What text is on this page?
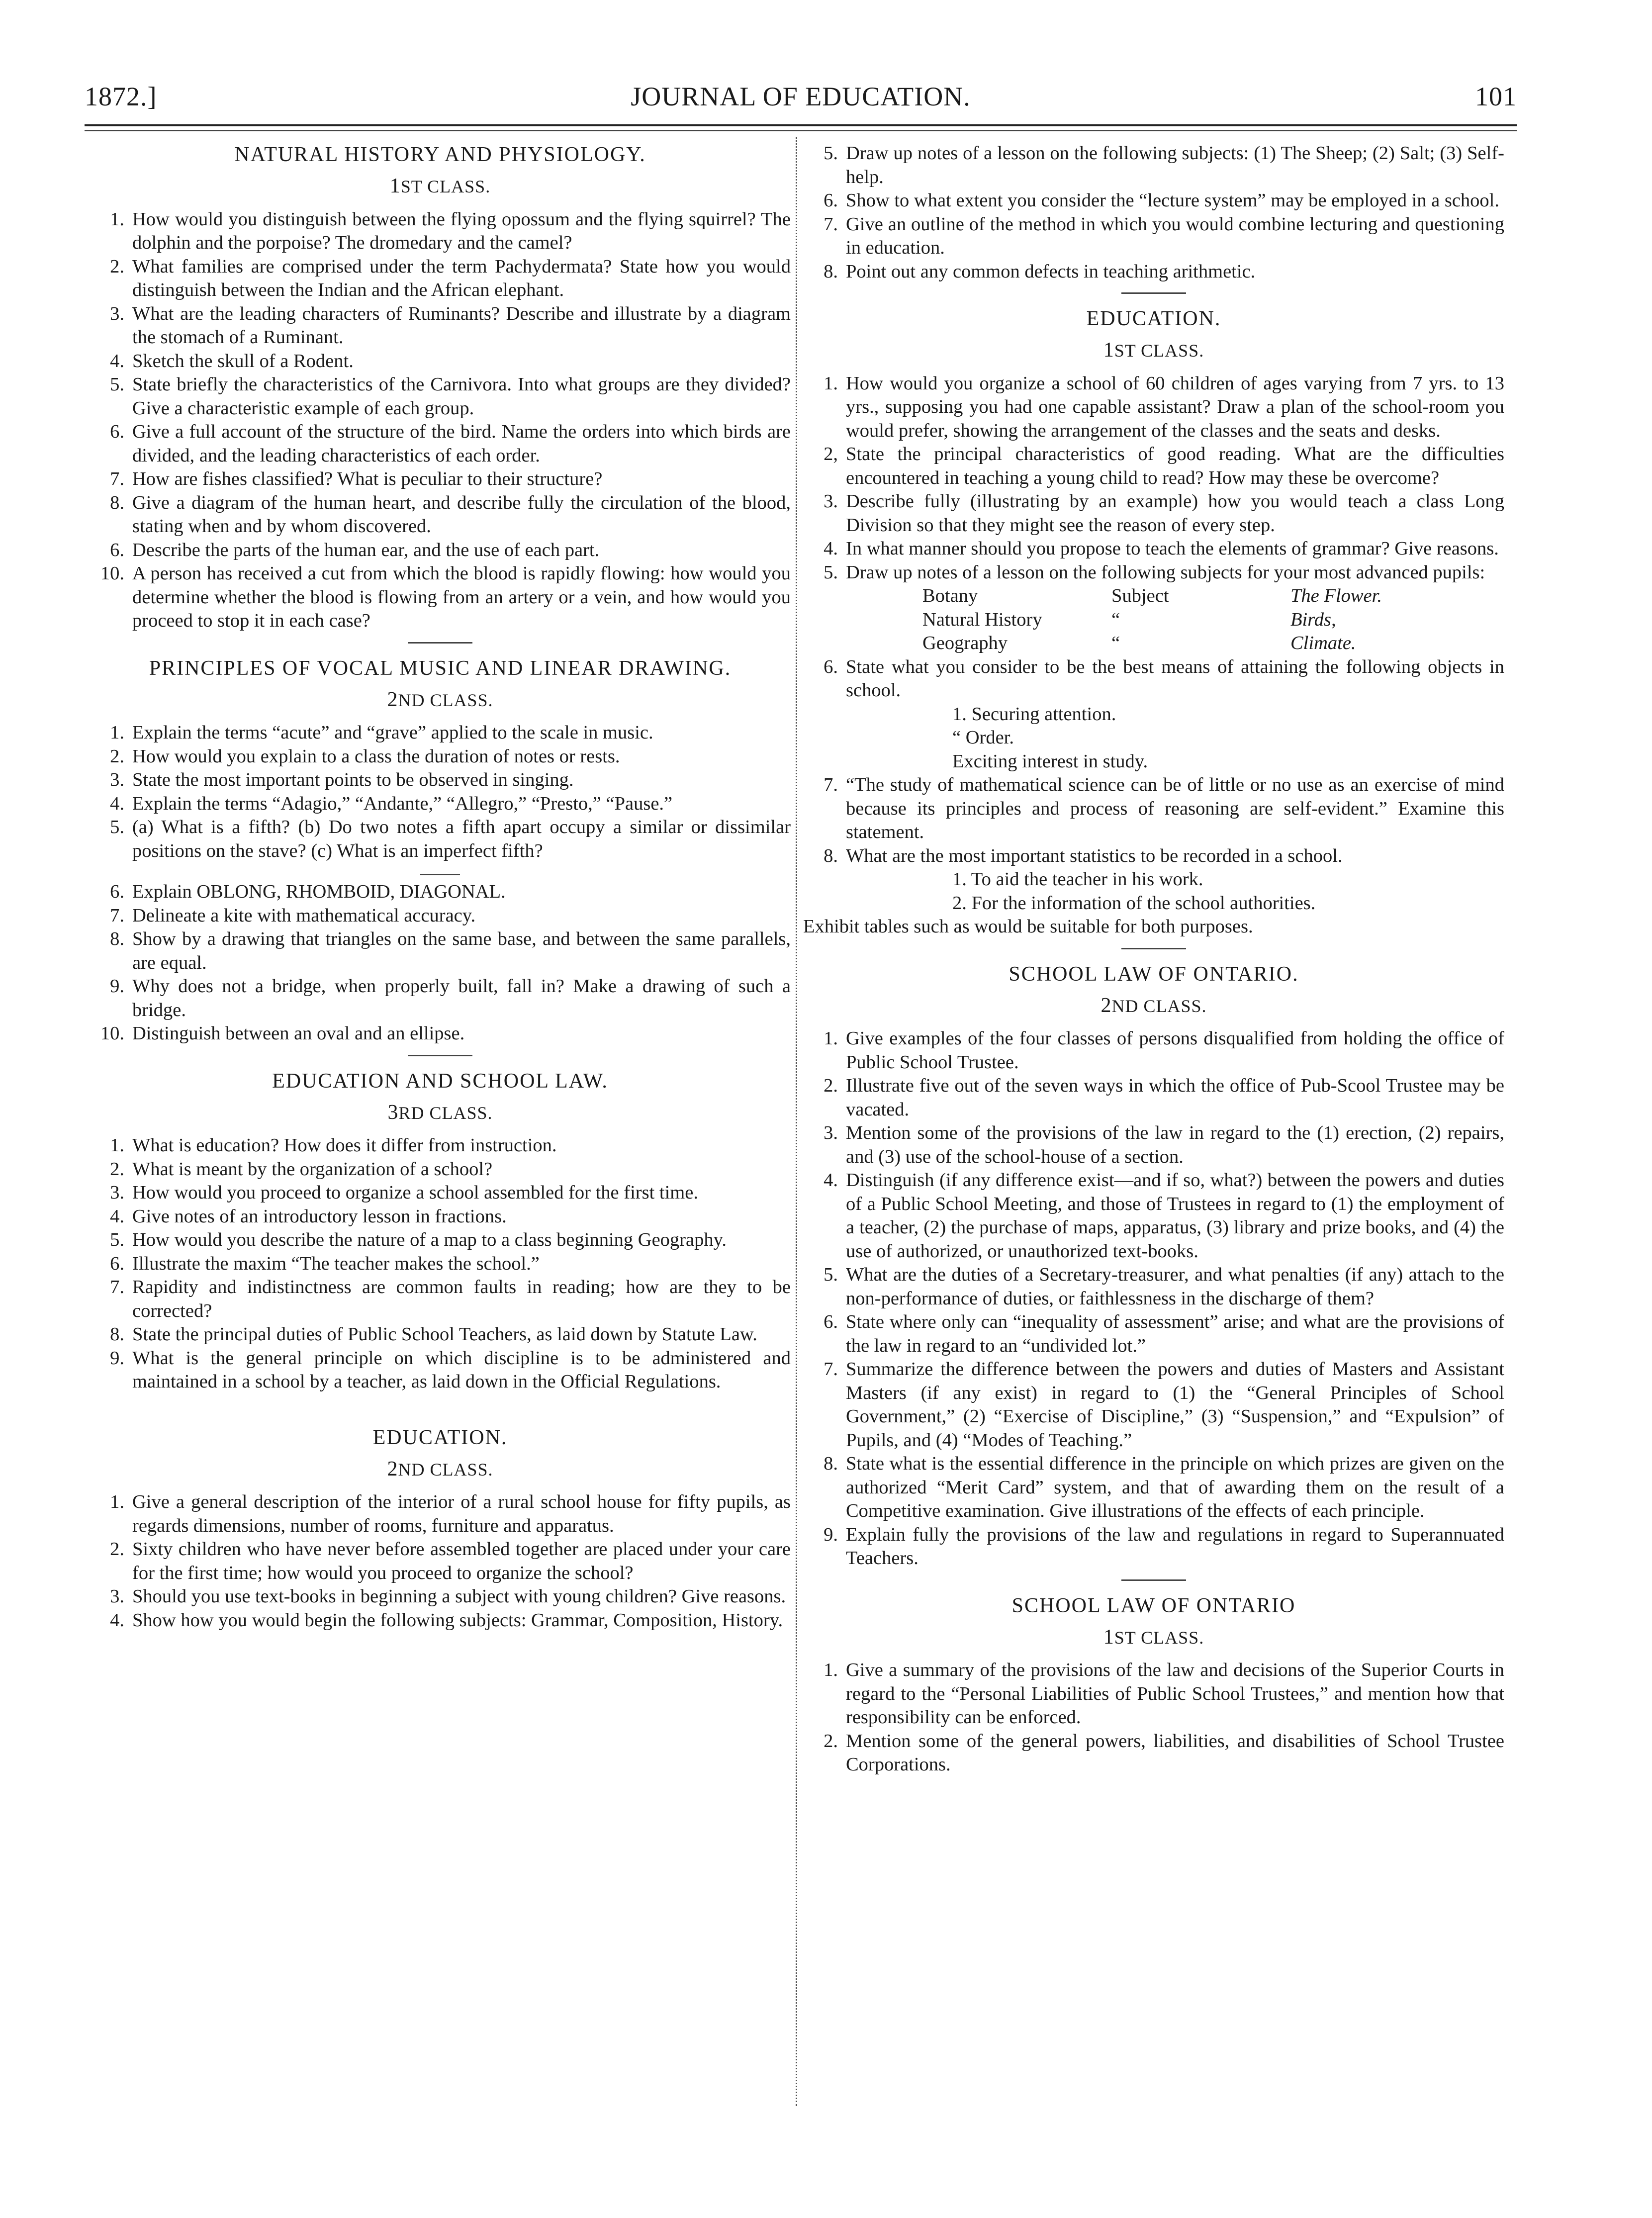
1872.]	JOURNAL OF EDUCATION.	101
NATURAL HISTORY AND PHYSIOLOGY.
1ST CLASS.
1. How would you distinguish between the flying opossum and the flying squirrel? The dolphin and the porpoise? The dromedary and the camel?
2. What families are comprised under the term Pachydermata? State how you would distinguish between the Indian and the African elephant.
3. What are the leading characters of Ruminants? Describe and illustrate by a diagram the stomach of a Ruminant.
4. Sketch the skull of a Rodent.
5. State briefly the characteristics of the Carnivora. Into what groups are they divided? Give a characteristic example of each group.
6. Give a full account of the structure of the bird. Name the orders into which birds are divided, and the leading characteristics of each order.
7. How are fishes classified? What is peculiar to their structure?
8. Give a diagram of the human heart, and describe fully the circulation of the blood, stating when and by whom discovered.
6. Describe the parts of the human ear, and the use of each part.
10. A person has received a cut from which the blood is rapidly flowing: how would you determine whether the blood is flowing from an artery or a vein, and how would you proceed to stop it in each case?
PRINCIPLES OF VOCAL MUSIC AND LINEAR DRAWING.
2ND CLASS.
1. Explain the terms “acute” and “grave” applied to the scale in music.
2. How would you explain to a class the duration of notes or rests.
3. State the most important points to be observed in singing.
4. Explain the terms “Adagio,” “Andante,” “Allegro,” “Presto,” “Pause.”
5. (a) What is a fifth? (b) Do two notes a fifth apart occupy a similar or dissimilar positions on the stave? (c) What is an imperfect fifth?
6. Explain OBLONG, RHOMBOID, DIAGONAL.
7. Delineate a kite with mathematical accuracy.
8. Show by a drawing that triangles on the same base, and between the same parallels, are equal.
9. Why does not a bridge, when properly built, fall in? Make a drawing of such a bridge.
10. Distinguish between an oval and an ellipse.
EDUCATION AND SCHOOL LAW.
3RD CLASS.
1. What is education? How does it differ from instruction.
2. What is meant by the organization of a school?
3. How would you proceed to organize a school assembled for the first time.
4. Give notes of an introductory lesson in fractions.
5. How would you describe the nature of a map to a class beginning Geography.
6. Illustrate the maxim “The teacher makes the school.”
7. Rapidity and indistinctness are common faults in reading; how are they to be corrected?
8. State the principal duties of Public School Teachers, as laid down by Statute Law.
9. What is the general principle on which discipline is to be administered and maintained in a school by a teacher, as laid down in the Official Regulations.
EDUCATION.
2ND CLASS.
1. Give a general description of the interior of a rural school house for fifty pupils, as regards dimensions, number of rooms, furniture and apparatus.
2. Sixty children who have never before assembled together are placed under your care for the first time; how would you proceed to organize the school?
3. Should you use text-books in beginning a subject with young children? Give reasons.
4. Show how you would begin the following subjects: Grammar, Composition, History.
5. Draw up notes of a lesson on the following subjects: (1) The Sheep; (2) Salt; (3) Self-help.
6. Show to what extent you consider the “lecture system” may be employed in a school.
7. Give an outline of the method in which you would combine lecturing and questioning in education.
8. Point out any common defects in teaching arithmetic.
EDUCATION.
1ST CLASS.
1. How would you organize a school of 60 children of ages varying from 7 yrs. to 13 yrs., supposing you had one capable assistant? Draw a plan of the school-room you would prefer, showing the arrangement of the classes and the seats and desks.
2, State the principal characteristics of good reading. What are the difficulties encountered in teaching a young child to read? How may these be overcome?
3. Describe fully (illustrating by an example) how you would teach a class Long Division so that they might see the reason of every step.
4. In what manner should you propose to teach the elements of grammar? Give reasons.
5. Draw up notes of a lesson on the following subjects for your most advanced pupils:
Botany	Subject	The Flower.
Natural History	“	Birds,
Geography	“	Climate.
6. State what you consider to be the best means of attaining the following objects in school.
1. Securing attention.
“ Order.
Exciting interest in study.
7. “The study of mathematical science can be of little or no use as an exercise of mind because its principles and process of reasoning are self-evident.” Examine this statement.
8. What are the most important statistics to be recorded in a school.
1. To aid the teacher in his work.
2. For the information of the school authorities.
Exhibit tables such as would be suitable for both purposes.
SCHOOL LAW OF ONTARIO.
2ND CLASS.
1. Give examples of the four classes of persons disqualified from holding the office of Public School Trustee.
2. Illustrate five out of the seven ways in which the office of Pub-Scool Trustee may be vacated.
3. Mention some of the provisions of the law in regard to the (1) erection, (2) repairs, and (3) use of the school-house of a section.
4. Distinguish (if any difference exist—and if so, what?) between the powers and duties of a Public School Meeting, and those of Trustees in regard to (1) the employment of a teacher, (2) the purchase of maps, apparatus, (3) library and prize books, and (4) the use of authorized, or unauthorized text-books.
5. What are the duties of a Secretary-treasurer, and what penalties (if any) attach to the non-performance of duties, or faithlessness in the discharge of them?
6. State where only can “inequality of assessment” arise; and what are the provisions of the law in regard to an “undivided lot.”
7. Summarize the difference between the powers and duties of Masters and Assistant Masters (if any exist) in regard to (1) the “General Principles of School Government,” (2) “Exercise of Discipline,” (3) “Suspension,” and “Expulsion” of Pupils, and (4) “Modes of Teaching.”
8. State what is the essential difference in the principle on which prizes are given on the authorized “Merit Card” system, and that of awarding them on the result of a Competitive examination. Give illustrations of the effects of each principle.
9. Explain fully the provisions of the law and regulations in regard to Superannuated Teachers.
SCHOOL LAW OF ONTARIO
1ST CLASS.
1. Give a summary of the provisions of the law and decisions of the Superior Courts in regard to the “Personal Liabilities of Public School Trustees,” and mention how that responsibility can be enforced.
2. Mention some of the general powers, liabilities, and disabilities of School Trustee Corporations.
